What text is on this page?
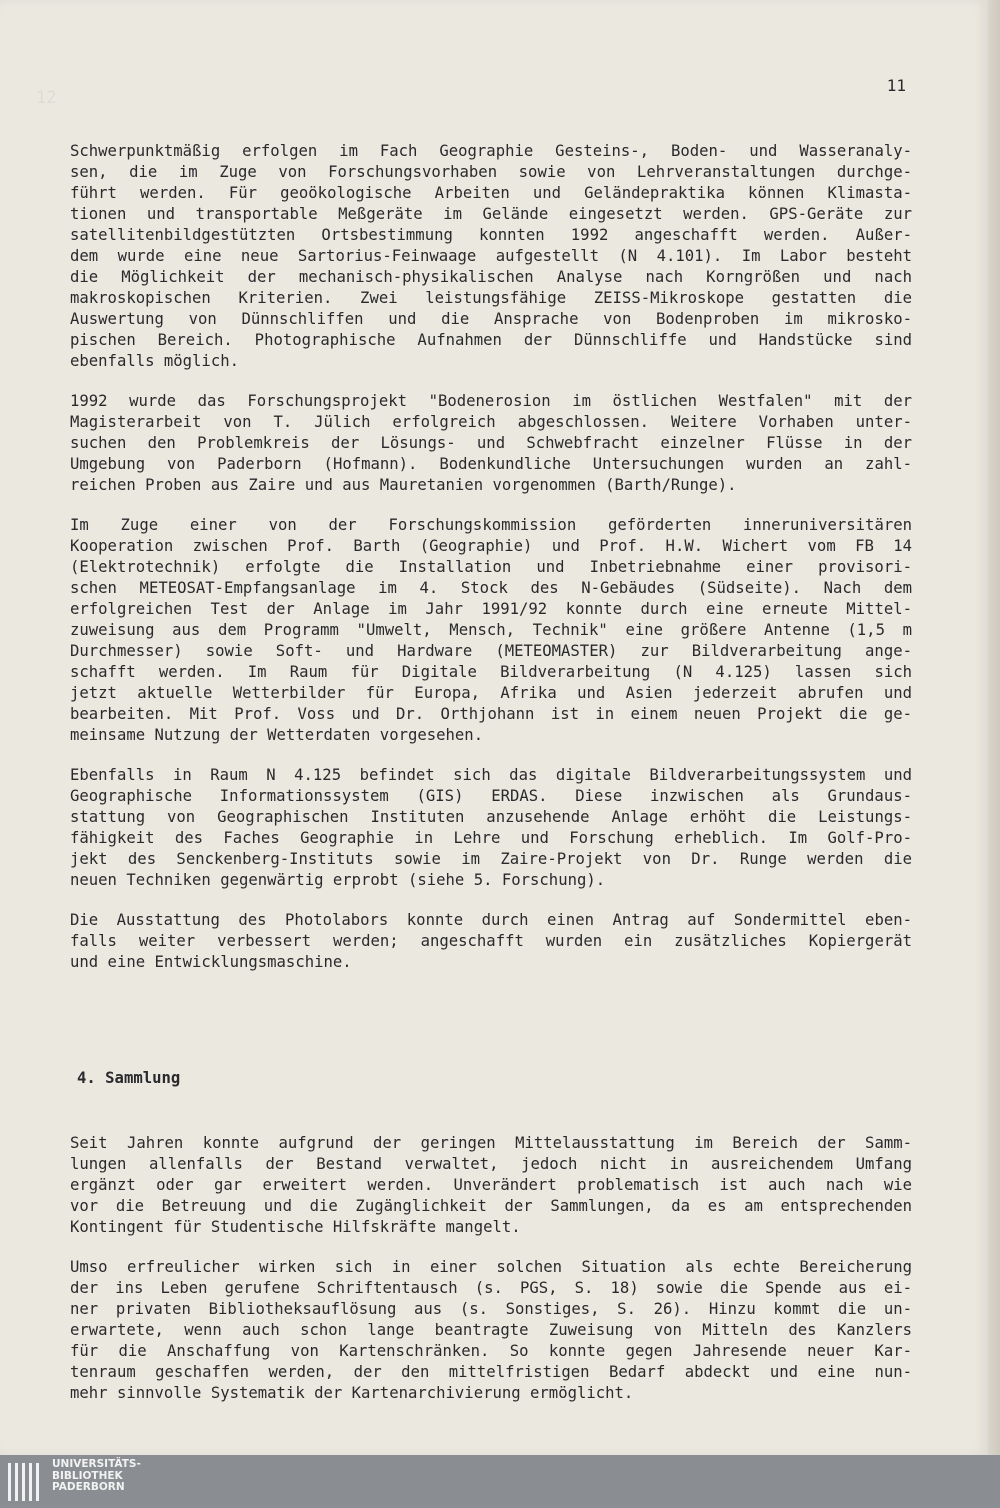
12
11
Schwerpunktmäßig erfolgen im Fach Geographie Gesteins-, Boden- und Wasseranaly-
sen, die im Zuge von Forschungsvorhaben sowie von Lehrveranstaltungen durchge-
führt werden. Für geoökologische Arbeiten und Geländepraktika können Klimasta-
tionen und transportable Meßgeräte im Gelände eingesetzt werden. GPS-Geräte zur
satellitenbildgestützten Ortsbestimmung konnten 1992 angeschafft werden. Außer-
dem wurde eine neue Sartorius-Feinwaage aufgestellt (N 4.101). Im Labor besteht
die Möglichkeit der mechanisch-physikalischen Analyse nach Korngrößen und nach
makroskopischen Kriterien. Zwei leistungsfähige ZEISS-Mikroskope gestatten die
Auswertung von Dünnschliffen und die Ansprache von Bodenproben im mikrosko-
pischen Bereich. Photographische Aufnahmen der Dünnschliffe und Handstücke sind
ebenfalls möglich.
1992 wurde das Forschungsprojekt "Bodenerosion im östlichen Westfalen" mit der
Magisterarbeit von T. Jülich erfolgreich abgeschlossen. Weitere Vorhaben unter-
suchen den Problemkreis der Lösungs- und Schwebfracht einzelner Flüsse in der
Umgebung von Paderborn (Hofmann). Bodenkundliche Untersuchungen wurden an zahl-
reichen Proben aus Zaire und aus Mauretanien vorgenommen (Barth/Runge).
Im Zuge einer von der Forschungskommission geförderten inneruniversitären
Kooperation zwischen Prof. Barth (Geographie) und Prof. H.W. Wichert vom FB 14
(Elektrotechnik) erfolgte die Installation und Inbetriebnahme einer provisori-
schen METEOSAT-Empfangsanlage im 4. Stock des N-Gebäudes (Südseite). Nach dem
erfolgreichen Test der Anlage im Jahr 1991/92 konnte durch eine erneute Mittel-
zuweisung aus dem Programm "Umwelt, Mensch, Technik" eine größere Antenne (1,5 m
Durchmesser) sowie Soft- und Hardware (METEOMASTER) zur Bildverarbeitung ange-
schafft werden. Im Raum für Digitale Bildverarbeitung (N 4.125) lassen sich
jetzt aktuelle Wetterbilder für Europa, Afrika und Asien jederzeit abrufen und
bearbeiten. Mit Prof. Voss und Dr. Orthjohann ist in einem neuen Projekt die ge-
meinsame Nutzung der Wetterdaten vorgesehen.
Ebenfalls in Raum N 4.125 befindet sich das digitale Bildverarbeitungssystem und
Geographische Informationssystem (GIS) ERDAS. Diese inzwischen als Grundaus-
stattung von Geographischen Instituten anzusehende Anlage erhöht die Leistungs-
fähigkeit des Faches Geographie in Lehre und Forschung erheblich. Im Golf-Pro-
jekt des Senckenberg-Instituts sowie im Zaire-Projekt von Dr. Runge werden die
neuen Techniken gegenwärtig erprobt (siehe 5. Forschung).
Die Ausstattung des Photolabors konnte durch einen Antrag auf Sondermittel eben-
falls weiter verbessert werden; angeschafft wurden ein zusätzliches Kopiergerät
und eine Entwicklungsmaschine.
4. Sammlung
Seit Jahren konnte aufgrund der geringen Mittelausstattung im Bereich der Samm-
lungen allenfalls der Bestand verwaltet, jedoch nicht in ausreichendem Umfang
ergänzt oder gar erweitert werden. Unverändert problematisch ist auch nach wie
vor die Betreuung und die Zugänglichkeit der Sammlungen, da es am entsprechenden
Kontingent für Studentische Hilfskräfte mangelt.
Umso erfreulicher wirken sich in einer solchen Situation als echte Bereicherung
der ins Leben gerufene Schriftentausch (s. PGS, S. 18) sowie die Spende aus ei-
ner privaten Bibliotheksauflösung aus (s. Sonstiges, S. 26). Hinzu kommt die un-
erwartete, wenn auch schon lange beantragte Zuweisung von Mitteln des Kanzlers
für die Anschaffung von Kartenschränken. So konnte gegen Jahresende neuer Kar-
tenraum geschaffen werden, der den mittelfristigen Bedarf abdeckt und eine nun-
mehr sinnvolle Systematik der Kartenarchivierung ermöglicht.
UNIVERSITÄTS-
BIBLIOTHEK
PADERBORN
